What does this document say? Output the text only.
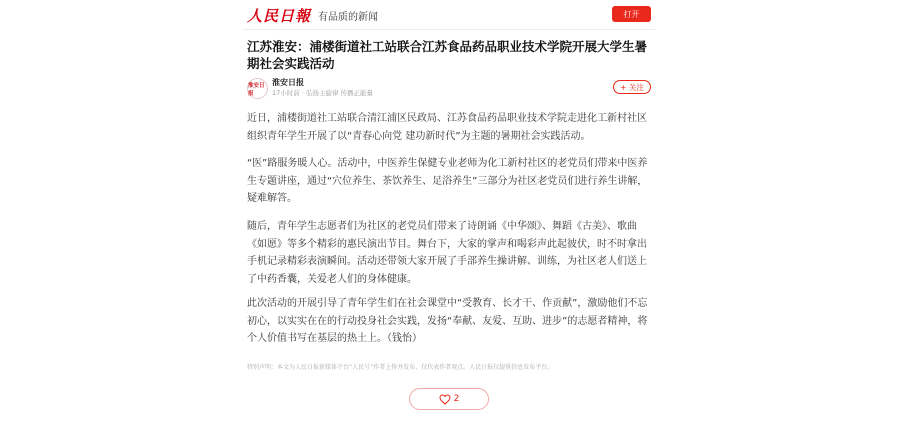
人民日報 有品质的新闻	打开
江苏淮安：浦楼街道社工站联合江苏食品药品职业技术学院开展大学生暑期社会实践活动
淮安日报
淮安日报
17小时前 · 弘扬主旋律 传播正能量
+ 关注

近日，浦楼街道社工站联合清江浦区民政局、江苏食品药品职业技术学院走进化工新村社区组织青年学生开展了以“青春心向党 建功新时代”为主题的暑期社会实践活动。

“医”路服务暖人心。活动中，中医养生保健专业老师为化工新村社区的老党员们带来中医养生专题讲座，通过“穴位养生、茶饮养生、足浴养生”三部分为社区老党员们进行养生讲解，疑难解答。

随后，青年学生志愿者们为社区的老党员们带来了诗朗诵《中华颂》、舞蹈《古美》、歌曲《如愿》等多个精彩的惠民演出节目。舞台下，大家的掌声和喝彩声此起彼伏，时不时拿出手机记录精彩表演瞬间。活动还带领大家开展了手部养生操讲解、训练，为社区老人们送上了中药香囊，关爱老人们的身体健康。

此次活动的开展引导了青年学生们在社会课堂中“受教育、长才干、作贡献”，激励他们不忘初心，以实实在在的行动投身社会实践，发扬“奉献、友爱、互助、进步”的志愿者精神，将个人价值书写在基层的热土上。（钱怡）

特别声明：本文为人民日报新媒体平台“人民号”作者上传并发布，仅代表作者观点。人民日报仅提供信息发布平台。
2
